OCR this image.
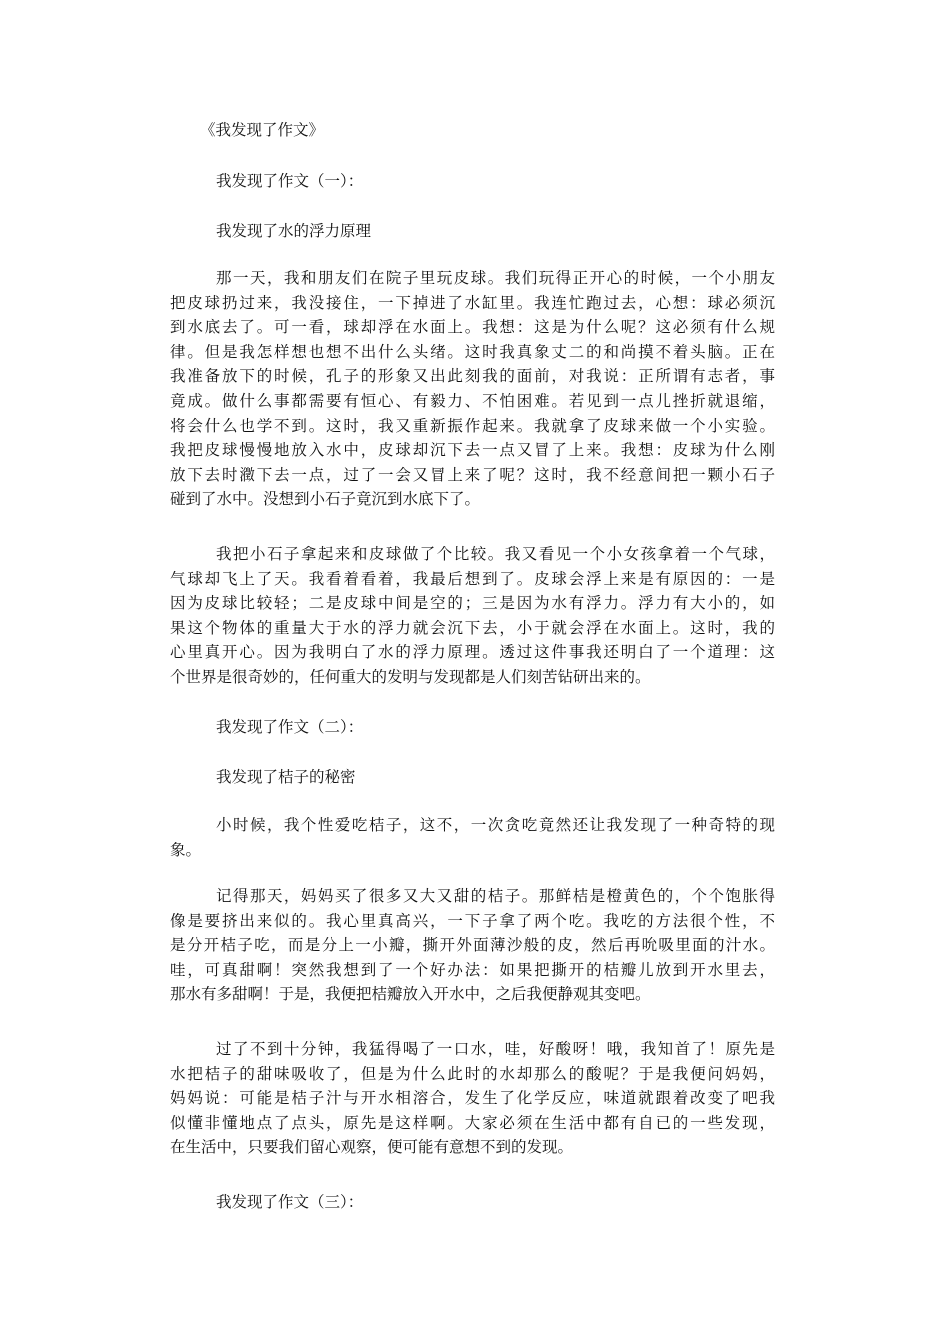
《我发现了作文》
我发现了作文（一）：
我发现了水的浮力原理
那一天，我和朋友们在院子里玩皮球。我们玩得正开心的时候，一个小朋友
把皮球扔过来，我没接住，一下掉进了水缸里。我连忙跑过去，心想：球必须沉
到水底去了。可一看，球却浮在水面上。我想：这是为什么呢？这必须有什么规
律。但是我怎样想也想不出什么头绪。这时我真象丈二的和尚摸不着头脑。正在
我准备放下的时候，孔子的形象又出此刻我的面前，对我说：正所谓有志者，事
竟成。做什么事都需要有恒心、有毅力、不怕困难。若见到一点儿挫折就退缩，
将会什么也学不到。这时，我又重新振作起来。我就拿了皮球来做一个小实验。
我把皮球慢慢地放入水中，皮球却沉下去一点又冒了上来。我想：皮球为什么刚
放下去时瀓下去一点，过了一会又冒上来了呢？这时，我不经意间把一颗小石子
碰到了水中。没想到小石子竟沉到水底下了。
我把小石子拿起来和皮球做了个比较。我又看见一个小女孩拿着一个气球，
气球却飞上了天。我看着看着，我最后想到了。皮球会浮上来是有原因的：一是
因为皮球比较轻；二是皮球中间是空的；三是因为水有浮力。浮力有大小的，如
果这个物体的重量大于水的浮力就会沉下去，小于就会浮在水面上。这时，我的
心里真开心。因为我明白了水的浮力原理。透过这件事我还明白了一个道理：这
个世界是很奇妙的，任何重大的发明与发现都是人们刻苦钻研出来的。
我发现了作文（二）：
我发现了桔子的秘密
小时候，我个性爱吃桔子，这不，一次贪吃竟然还让我发现了一种奇特的现
象。
记得那天，妈妈买了很多又大又甜的桔子。那鲜桔是橙黄色的，个个饱胀得
像是要挤出来似的。我心里真高兴，一下子拿了两个吃。我吃的方法很个性，不
是分开桔子吃，而是分上一小瓣，撕开外面薄沙般的皮，然后再吮吸里面的汁水。
哇，可真甜啊！突然我想到了一个好办法：如果把撕开的桔瓣儿放到开水里去，
那水有多甜啊！于是，我便把桔瓣放入开水中，之后我便静观其变吧。
过了不到十分钟，我猛得喝了一口水，哇，好酸呀！哦，我知首了！原先是
水把桔子的甜味吸收了，但是为什么此时的水却那么的酸呢？于是我便问妈妈，
妈妈说：可能是桔子汁与开水相溶合，发生了化学反应，味道就跟着改变了吧我
似懂非懂地点了点头，原先是这样啊。大家必须在生活中都有自已的一些发现，
在生活中，只要我们留心观察，便可能有意想不到的发现。
我发现了作文（三）：
